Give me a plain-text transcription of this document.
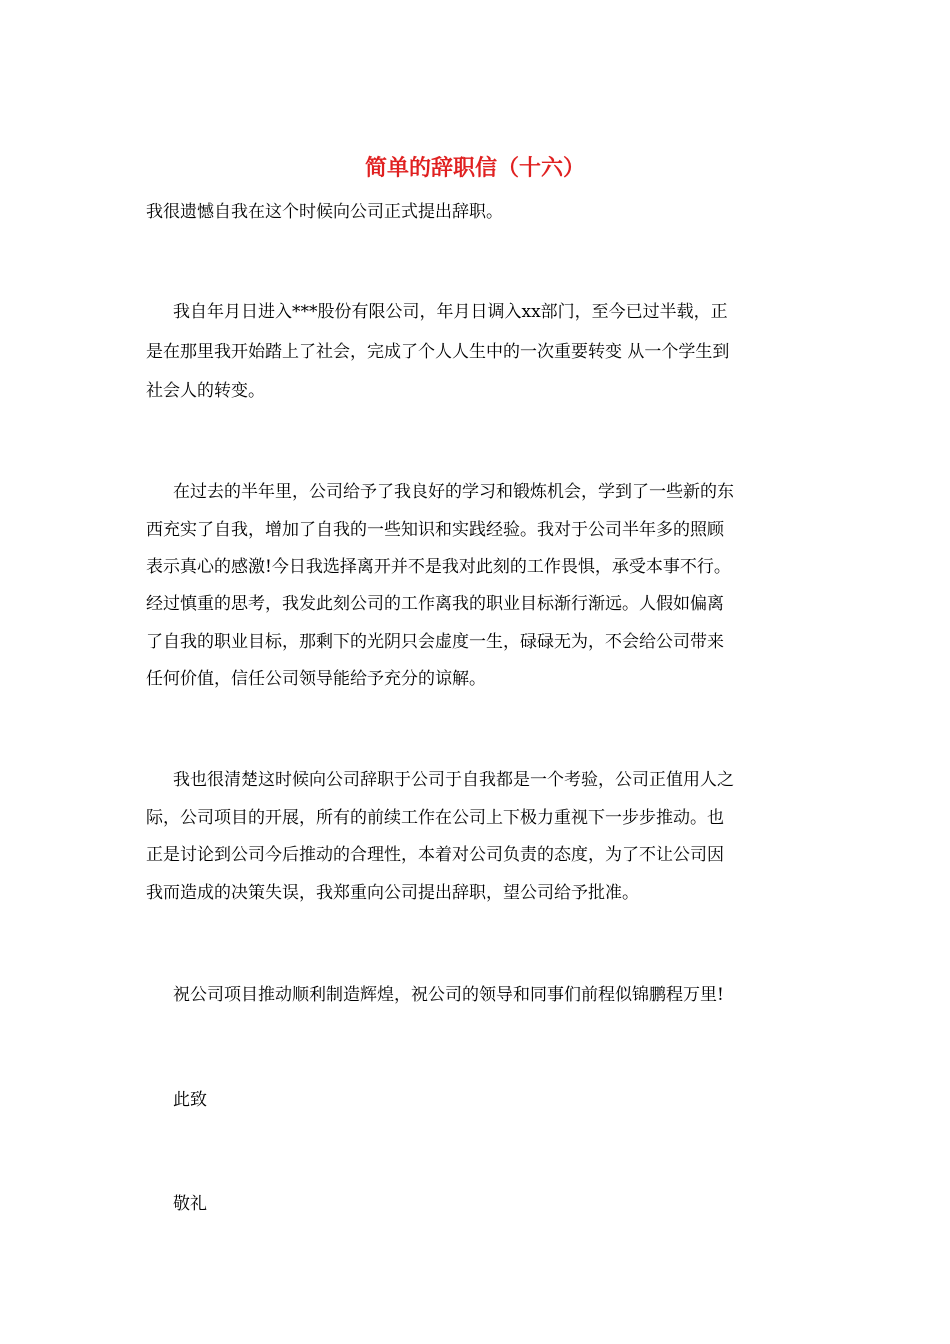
简单的辞职信（十六）
我很遗憾自我在这个时候向公司正式提出辞职。
我自年月日进入***股份有限公司，年月日调入xx部门，至今已过半载，正
是在那里我开始踏上了社会，完成了个人人生中的一次重要转变 从一个学生到
社会人的转变。
在过去的半年里，公司给予了我良好的学习和锻炼机会，学到了一些新的东
西充实了自我，增加了自我的一些知识和实践经验。我对于公司半年多的照顾
表示真心的感激!今日我选择离开并不是我对此刻的工作畏惧，承受本事不行。
经过慎重的思考，我发此刻公司的工作离我的职业目标渐行渐远。人假如偏离
了自我的职业目标，那剩下的光阴只会虚度一生，碌碌无为，不会给公司带来
任何价值，信任公司领导能给予充分的谅解。
我也很清楚这时候向公司辞职于公司于自我都是一个考验，公司正值用人之
际，公司项目的开展，所有的前续工作在公司上下极力重视下一步步推动。也
正是讨论到公司今后推动的合理性，本着对公司负责的态度，为了不让公司因
我而造成的决策失误，我郑重向公司提出辞职，望公司给予批准。
祝公司项目推动顺利制造辉煌，祝公司的领导和同事们前程似锦鹏程万里!
此致
敬礼
